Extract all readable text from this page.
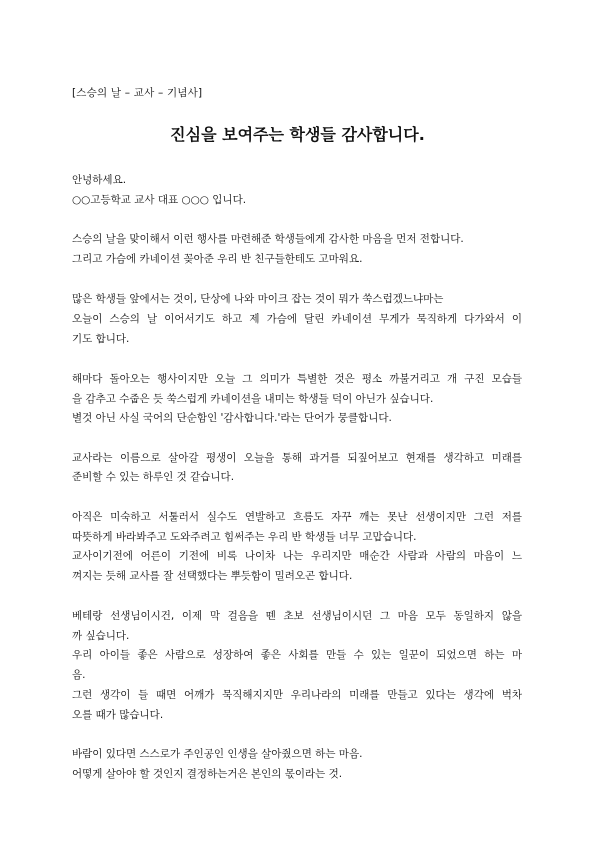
[스승의 날 – 교사 – 기념사]
진심을 보여주는 학생들 감사합니다.
안녕하세요.
○○고등학교 교사 대표 ○○○ 입니다.
스승의 날을 맞이해서 이런 행사를 마련해준 학생들에게 감사한 마음을 먼저 전합니다.
그리고 가슴에 카네이션 꽂아준 우리 반 친구들한테도 고마워요.
많은 학생들 앞에서는 것이, 단상에 나와 마이크 잡는 것이 뭐가 쑥스럽겠느냐마는
오늘이 스승의 날 이어서기도 하고 제 가슴에 달린 카네이션 무게가 묵직하게 다가와서 이
기도 합니다.
해마다 돌아오는 행사이지만 오늘 그 의미가 특별한 것은 평소 까불거리고 개 구진 모습들
을 감추고 수줍은 듯 쑥스럽게 카네이션을 내미는 학생들 덕이 아닌가 싶습니다.
별것 아닌 사실 국어의 단순함인 '감사합니다.'라는 단어가 뭉클합니다.
교사라는 이름으로 살아갈 평생이 오늘을 통해 과거를 되짚어보고 현재를 생각하고 미래를
준비할 수 있는 하루인 것 같습니다.
아직은 미숙하고 서툴러서 실수도 연발하고 흐름도 자꾸 깨는 못난 선생이지만 그런 저를
따뜻하게 바라봐주고 도와주려고 힘써주는 우리 반 학생들 너무 고맙습니다.
교사이기전에 어른이 기전에 비록 나이차 나는 우리지만 매순간 사람과 사람의 마음이 느
껴지는 듯해 교사를 잘 선택했다는 뿌듯함이 밀려오곤 합니다.
베테랑 선생님이시건, 이제 막 걸음을 뗀 초보 선생님이시던 그 마음 모두 동일하지 않을
까 싶습니다.
우리 아이들 좋은 사람으로 성장하여 좋은 사회를 만들 수 있는 일꾼이 되었으면 하는 마
음.
그런 생각이 들 때면 어깨가 묵직해지지만 우리나라의 미래를 만들고 있다는 생각에 벅차
오를 때가 많습니다.
바람이 있다면 스스로가 주인공인 인생을 살아줬으면 하는 마음.
어떻게 살아야 할 것인지 결정하는거은 본인의 몫이라는 것.
